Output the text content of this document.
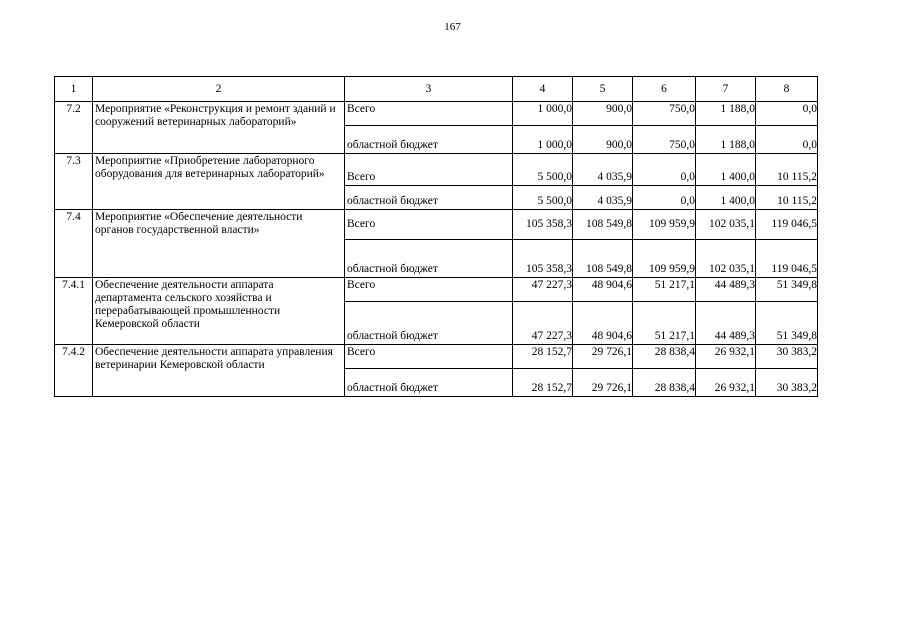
167
1	2	3	4	5	6	7	8
7.2	Мероприятие «Реконструкция и ремонт зданий и сооружений ветеринарных лабораторий»	Всего	1 000,0	900,0	750,0	1 188,0	0,0
		областной бюджет	1 000,0	900,0	750,0	1 188,0	0,0
7.3	Мероприятие «Приобретение лабораторного оборудования для ветеринарных лабораторий»	Всего	5 500,0	4 035,9	0,0	1 400,0	10 115,2
		областной бюджет	5 500,0	4 035,9	0,0	1 400,0	10 115,2
7.4	Мероприятие «Обеспечение деятельности органов государственной власти»	Всего	105 358,3	108 549,8	109 959,9	102 035,1	119 046,5
		областной бюджет	105 358,3	108 549,8	109 959,9	102 035,1	119 046,5
7.4.1	Обеспечение деятельности аппарата департамента сельского хозяйства и перерабатывающей промышленности Кемеровской области	Всего	47 227,3	48 904,6	51 217,1	44 489,3	51 349,8
		областной бюджет	47 227,3	48 904,6	51 217,1	44 489,3	51 349,8
7.4.2	Обеспечение деятельности аппарата управления ветеринарии Кемеровской области	Всего	28 152,7	29 726,1	28 838,4	26 932,1	30 383,2
		областной бюджет	28 152,7	29 726,1	28 838,4	26 932,1	30 383,2
